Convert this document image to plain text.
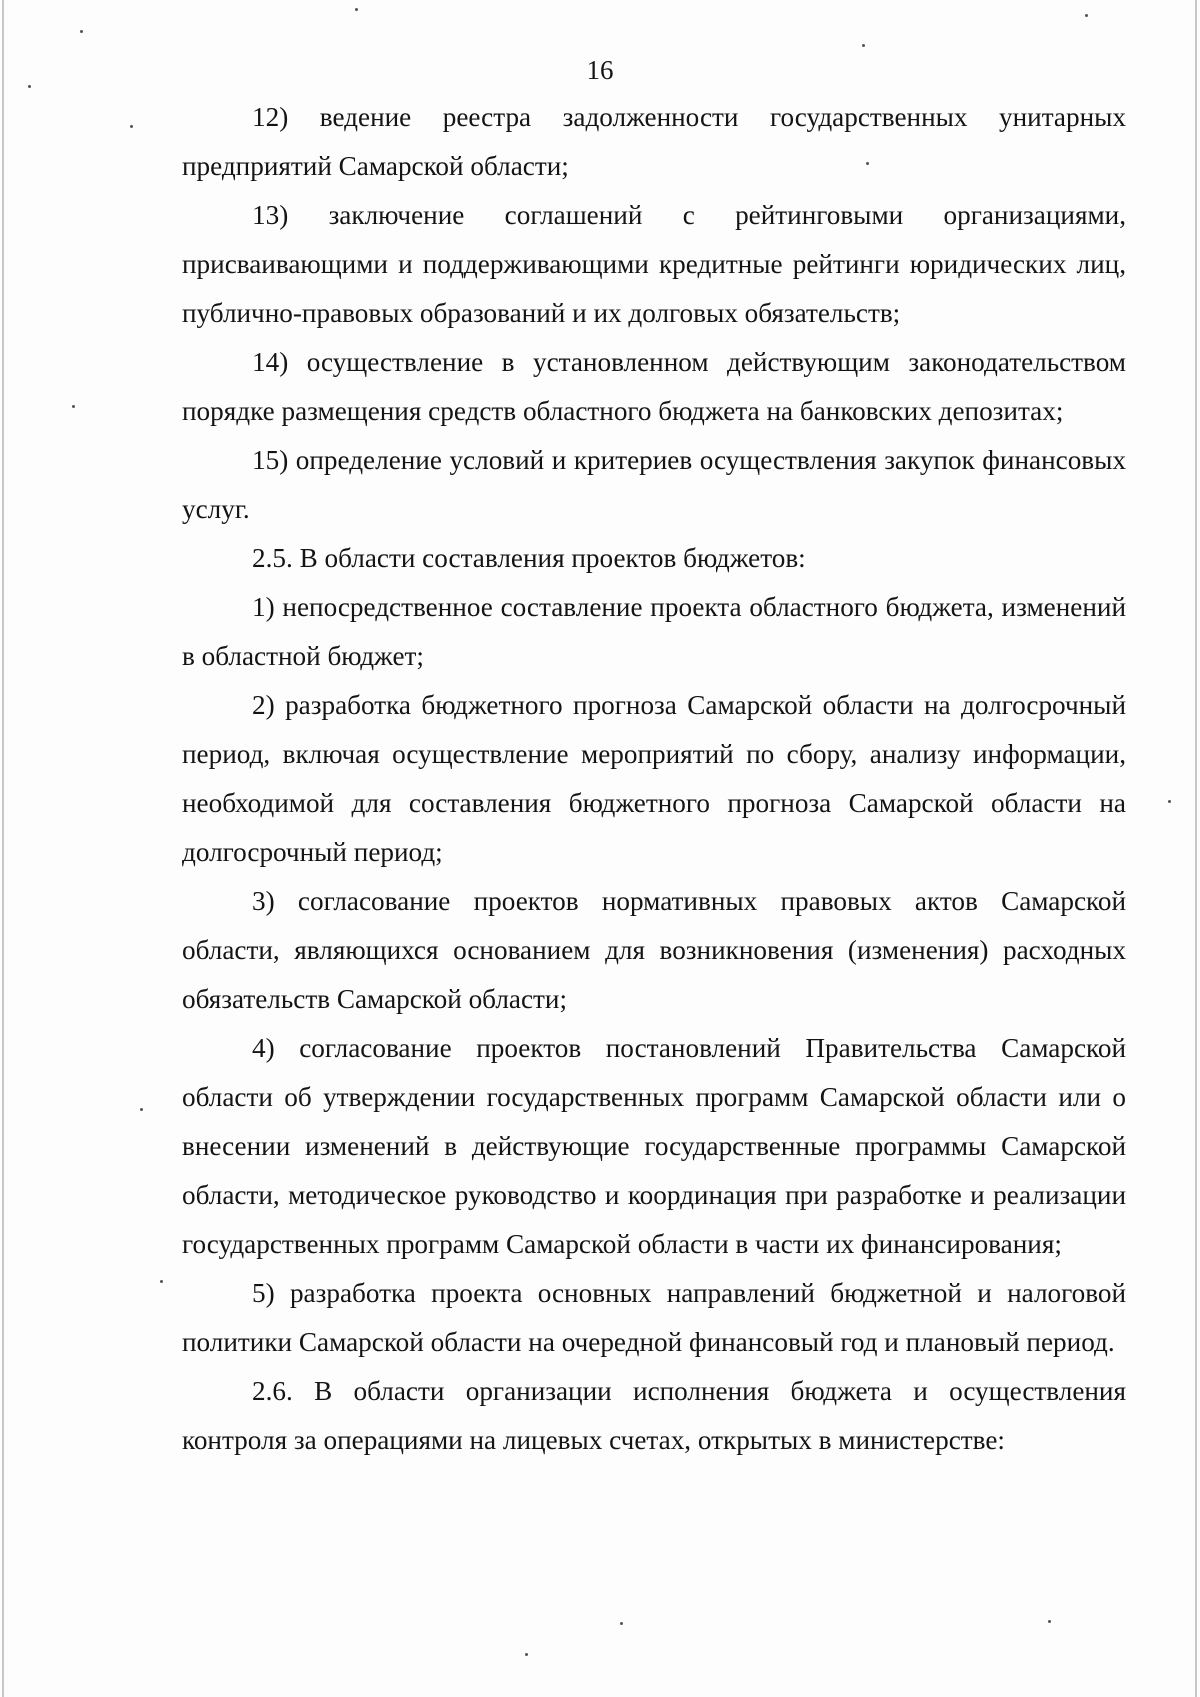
16

12) ведение реестра задолженности государственных унитарных предприятий Самарской области;

13) заключение соглашений с рейтинговыми организациями, присваивающими и поддерживающими кредитные рейтинги юридических лиц, публично-правовых образований и их долговых обязательств;

14) осуществление в установленном действующим законодательством порядке размещения средств областного бюджета на банковских депозитах;

15) определение условий и критериев осуществления закупок финансовых услуг.

2.5. В области составления проектов бюджетов:

1) непосредственное составление проекта областного бюджета, изменений в областной бюджет;

2) разработка бюджетного прогноза Самарской области на долгосрочный период, включая осуществление мероприятий по сбору, анализу информации, необходимой для составления бюджетного прогноза Самарской области на долгосрочный период;

3) согласование проектов нормативных правовых актов Самарской области, являющихся основанием для возникновения (изменения) расходных обязательств Самарской области;

4) согласование проектов постановлений Правительства Самарской области об утверждении государственных программ Самарской области или о внесении изменений в действующие государственные программы Самарской области, методическое руководство и координация при разработке и реализации государственных программ Самарской области в части их финансирования;

5) разработка проекта основных направлений бюджетной и налоговой политики Самарской области на очередной финансовый год и плановый период.

2.6. В области организации исполнения бюджета и осуществления контроля за операциями на лицевых счетах, открытых в министерстве:
